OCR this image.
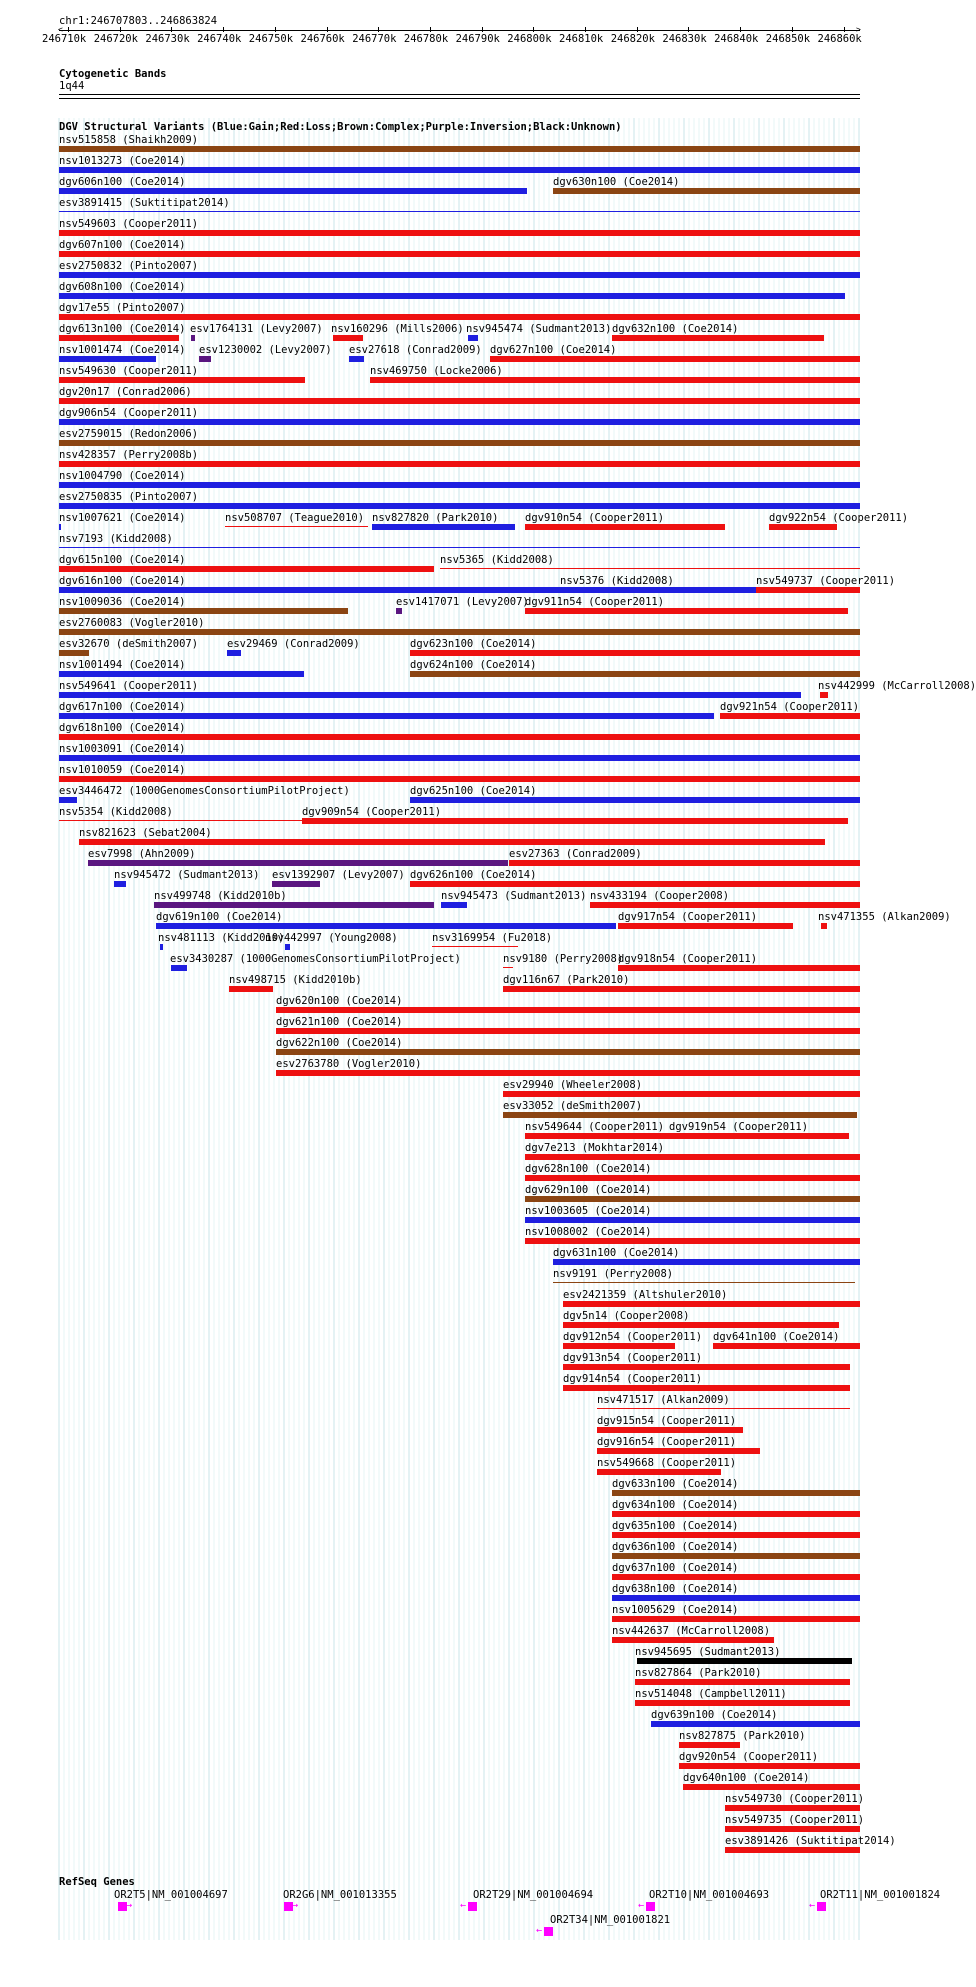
chr1:246707803..246863824
<	>
Cytogenetic Bands
1q44
DGV Structural Variants (Blue:Gain;Red:Loss;Brown:Complex;Purple:Inversion;Black:Unknown)
nsv515858 (Shaikh2009)
nsv1013273 (Coe2014)
dgv606n100 (Coe2014)	dgv630n100 (Coe2014)
esv3891415 (Suktitipat2014)
nsv549603 (Cooper2011)
dgv607n100 (Coe2014)
esv2750832 (Pinto2007)
dgv608n100 (Coe2014)
dgv17e55 (Pinto2007)
dgv613n100 (Coe2014) esv1764131 (Levy2007) nsv160296 (Mills2006) nsv945474 (Sudmant2013) dgv632n100 (Coe2014)
nsv1001474 (Coe2014) esv1230002 (Levy2007) esv27618 (Conrad2009) dgv627n100 (Coe2014)
nsv549630 (Cooper2011)	nsv469750 (Locke2006)
dgv20n17 (Conrad2006)
dgv906n54 (Cooper2011)
esv2759015 (Redon2006)
nsv428357 (Perry2008b)
nsv1004790 (Coe2014)
esv2750835 (Pinto2007)
nsv1007621 (Coe2014)	nsv508707 (Teague2010) nsv827820 (Park2010)	dgv910n54 (Cooper2011)	dgv922n54 (Cooper2011)
nsv7193 (Kidd2008)
dgv615n100 (Coe2014)	nsv5365 (Kidd2008)
dgv616n100 (Coe2014)	nsv5376 (Kidd2008)	nsv549737 (Cooper2011)
nsv1009036 (Coe2014)	esv1417071 (Levy2007)
dgv911n54 (Cooper2011)
esv2760083 (Vogler2010)
esv32670 (deSmith2007)	esv29469 (Conrad2009)	dgv623n100 (Coe2014)
nsv1001494 (Coe2014)	dgv624n100 (Coe2014)
nsv549641 (Cooper2011)	nsv442999 (McCarroll2008)
dgv617n100 (Coe2014)	dgv921n54 (Cooper2011)
dgv618n100 (Coe2014)
nsv1003091 (Coe2014)
nsv1010059 (Coe2014)
esv3446472 (1000GenomesConsortiumPilotProject)	dgv625n100 (Coe2014)
nsv5354 (Kidd2008)	dgv909n54 (Cooper2011)
nsv821623 (Sebat2004)
esv7998 (Ahn2009)	esv27363 (Conrad2009)
nsv945472 (Sudmant2013) esv1392907 (Levy2007) dgv626n100 (Coe2014)
nsv499748 (Kidd2010b)	nsv945473 (Sudmant2013) nsv433194 (Cooper2008)
dgv619n100 (Coe2014)	dgv917n54 (Cooper2011)	nsv471355 (Alkan2009)
nsv481113 (Kidd2010)
nsv442997 (Young2008)	nsv3169954 (Fu2018)
esv3430287 (1000GenomesConsortiumPilotProject)	nsv9180 (Perry2008)
dgv918n54 (Cooper2011)
nsv498715 (Kidd2010b)	dgv116n67 (Park2010)
dgv620n100 (Coe2014)
dgv621n100 (Coe2014)
dgv622n100 (Coe2014)
esv2763780 (Vogler2010)
esv29940 (Wheeler2008)
esv33052 (deSmith2007)
nsv549644 (Cooper2011) dgv919n54 (Cooper2011)
dgv7e213 (Mokhtar2014)
dgv628n100 (Coe2014)
dgv629n100 (Coe2014)
nsv1003605 (Coe2014)
nsv1008002 (Coe2014)
dgv631n100 (Coe2014)
nsv9191 (Perry2008)
esv2421359 (Altshuler2010)
dgv5n14 (Cooper2008)
dgv912n54 (Cooper2011) dgv641n100 (Coe2014)
dgv913n54 (Cooper2011)
dgv914n54 (Cooper2011)
nsv471517 (Alkan2009)
dgv915n54 (Cooper2011)
dgv916n54 (Cooper2011)
nsv549668 (Cooper2011)
dgv633n100 (Coe2014)
dgv634n100 (Coe2014)
dgv635n100 (Coe2014)
dgv636n100 (Coe2014)
dgv637n100 (Coe2014)
dgv638n100 (Coe2014)
nsv1005629 (Coe2014)
nsv442637 (McCarroll2008)
nsv945695 (Sudmant2013)
nsv827864 (Park2010)
nsv514048 (Campbell2011)
dgv639n100 (Coe2014)
nsv827875 (Park2010)
dgv920n54 (Cooper2011)
dgv640n100 (Coe2014)
nsv549730 (Cooper2011)
nsv549735 (Cooper2011)
esv3891426 (Suktitipat2014)
RefSeq Genes
OR2T5|NM_001004697
→
OR2G6|NM_001013355
→
OR2T29|NM_001004694
←
OR2T10|NM_001004693
←
OR2T11|NM_001001824
←
OR2T34|NM_001001821
←
246710k 246720k 246730k 246740k 246750k 246760k 246770k 246780k 246790k 246800k 246810k 246820k 246830k 246840k 246850k 246860k
